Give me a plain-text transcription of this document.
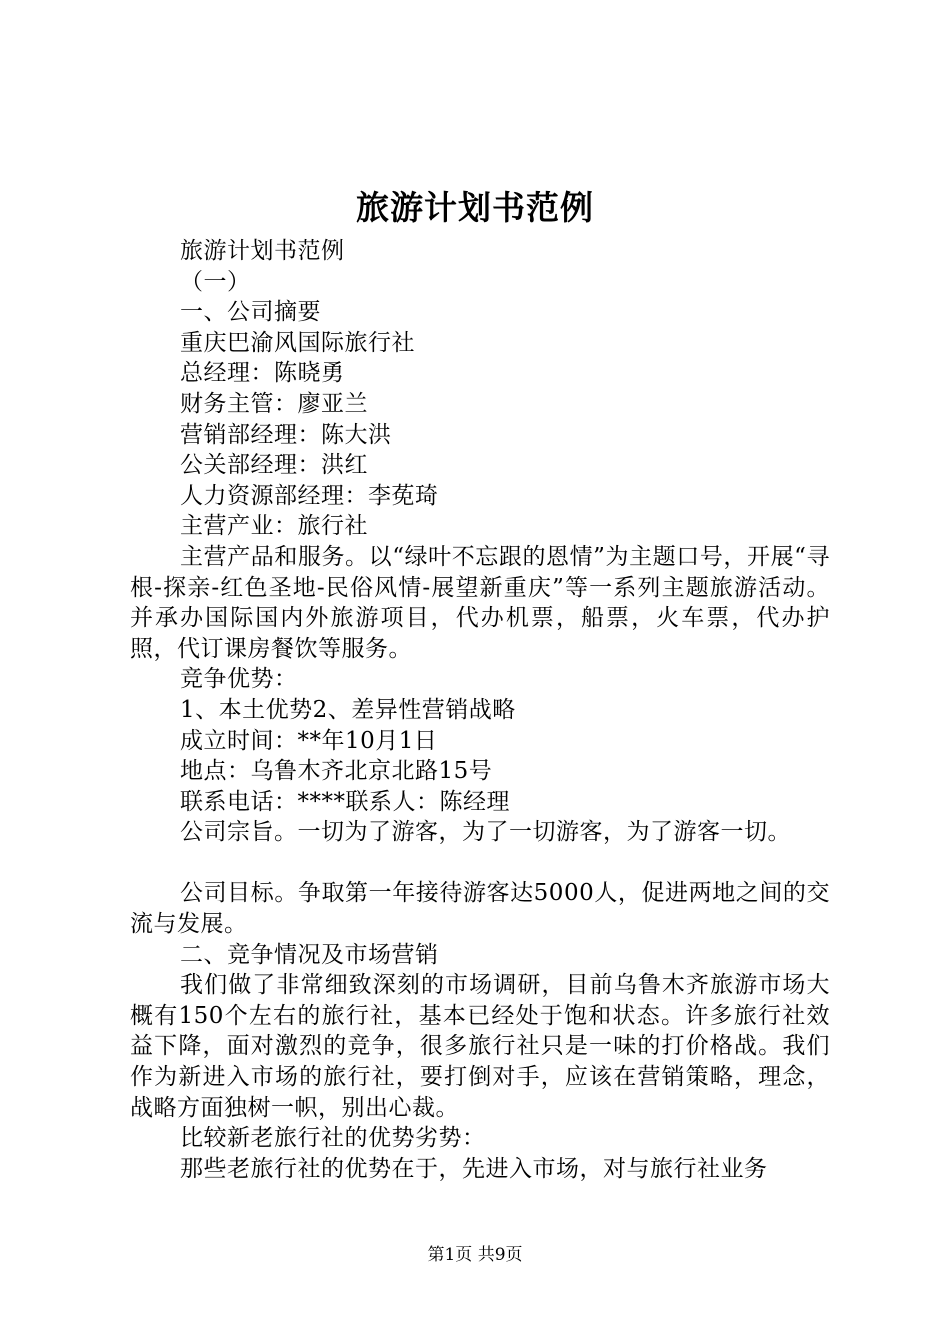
旅游计划书范例

旅游计划书范例

（一）

一、公司摘要

重庆巴渝风国际旅行社

总经理：陈晓勇

财务主管：廖亚兰

营销部经理：陈大洪

公关部经理：洪红

人力资源部经理：李莬琦

主营产业：旅行社

主营产品和服务。以“绿叶不忘跟的恩情”为主题口号，开展“寻根-探亲-红色圣地-民俗风情-展望新重庆”等一系列主题旅游活动。并承办国际国内外旅游项目，代办机票，船票，火车票，代办护照，代订课房餐饮等服务。

竞争优势：

1、本土优势2、差异性营销战略

成立时间：**年10月1日

地点：乌鲁木齐北京北路15号

联系电话：****联系人：陈经理

公司宗旨。一切为了游客，为了一切游客，为了游客一切。

公司目标。争取第一年接待游客达5000人，促进两地之间的交流与发展。

二、竞争情况及市场营销

我们做了非常细致深刻的市场调研，目前乌鲁木齐旅游市场大概有150个左右的旅行社，基本已经处于饱和状态。许多旅行社效益下降，面对激烈的竞争，很多旅行社只是一味的打价格战。我们作为新进入市场的旅行社，要打倒对手，应该在营销策略，理念，战略方面独树一帜，别出心裁。

比较新老旅行社的优势劣势：

那些老旅行社的优势在于，先进入市场，对与旅行社业务

第1页 共9页
